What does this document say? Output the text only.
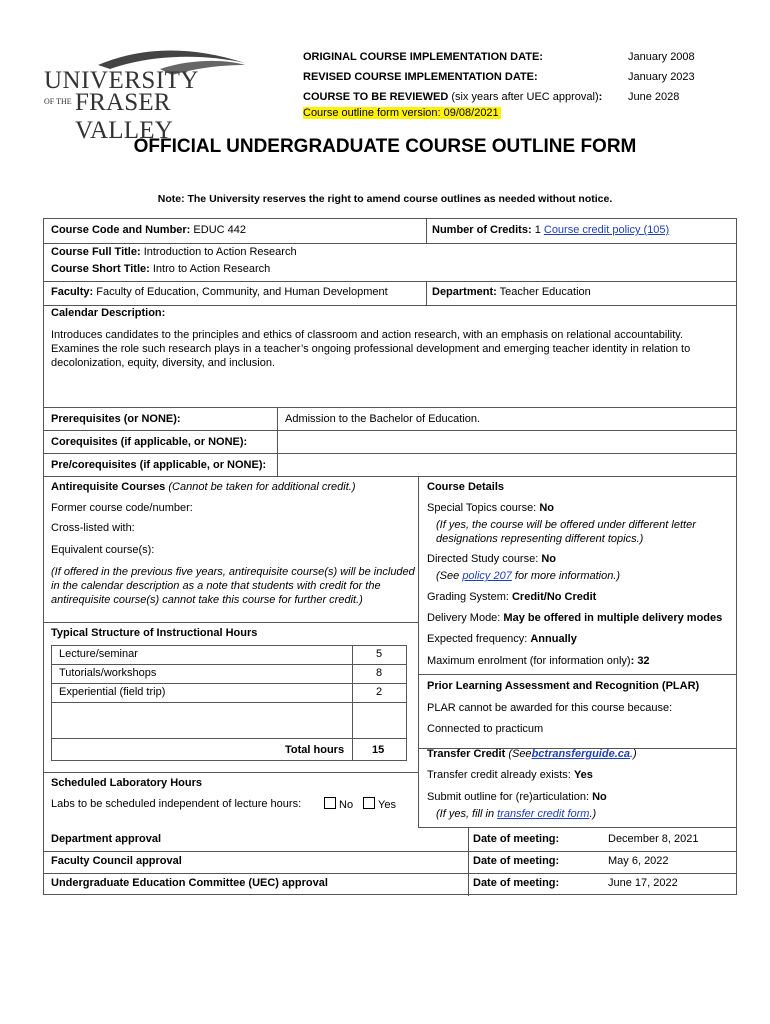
UNIVERSITY
OF THE FRASER VALLEY
ORIGINAL COURSE IMPLEMENTATION DATE:	January 2008
REVISED COURSE IMPLEMENTATION DATE:	January 2023
COURSE TO BE REVIEWED (six years after UEC approval): June 2028
Course outline form version: 09/08/2021
OFFICIAL UNDERGRADUATE COURSE OUTLINE FORM
Note: The University reserves the right to amend course outlines as needed without notice.
Course Code and Number: EDUC 442	Number of Credits: 1 Course credit policy (105)
Course Full Title: Introduction to Action Research
Course Short Title: Intro to Action Research
Faculty: Faculty of Education, Community, and Human Development	Department: Teacher Education
Calendar Description:
Introduces candidates to the principles and ethics of classroom and action research, with an emphasis on relational accountability. Examines the role such research plays in a teacher’s ongoing professional development and emerging teacher identity in relation to decolonization, equity, diversity, and inclusion.
Prerequisites (or NONE):	Admission to the Bachelor of Education.
Corequisites (if applicable, or NONE):
Pre/corequisites (if applicable, or NONE):
Antirequisite Courses (Cannot be taken for additional credit.)
Former course code/number:
Cross-listed with:
Equivalent course(s):
(If offered in the previous five years, antirequisite course(s) will be included in the calendar description as a note that students with credit for the antirequisite course(s) cannot take this course for further credit.)
Typical Structure of Instructional Hours
Lecture/seminar	5
Tutorials/workshops	8
Experiential (field trip)	2
Total hours	15
Scheduled Laboratory Hours
Labs to be scheduled independent of lecture hours:	No	Yes
Course Details
Special Topics course: No
(If yes, the course will be offered under different letter designations representing different topics.)
Directed Study course: No
(See policy 207 for more information.)
Grading System: Credit/No Credit
Delivery Mode: May be offered in multiple delivery modes
Expected frequency: Annually
Maximum enrolment (for information only): 32
Prior Learning Assessment and Recognition (PLAR)
PLAR cannot be awarded for this course because:
Connected to practicum
Transfer Credit (Seebctransferguide.ca.)
Transfer credit already exists: Yes
Submit outline for (re)articulation: No
(If yes, fill in transfer credit form.)
Department approval	Date of meeting:	December 8, 2021
Faculty Council approval	Date of meeting:	May 6, 2022
Undergraduate Education Committee (UEC) approval	Date of meeting:	June 17, 2022
